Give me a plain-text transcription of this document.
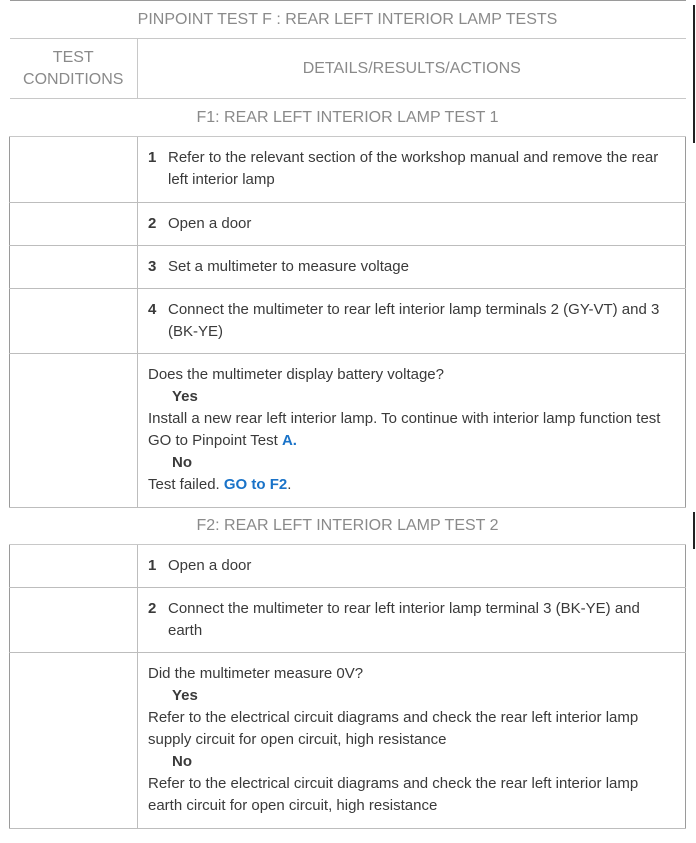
PINPOINT TEST F : REAR LEFT INTERIOR LAMP TESTS	
TEST CONDITIONS	DETAILS/RESULTS/ACTIONS
F1: REAR LEFT INTERIOR LAMP TEST 1	

	1 Refer to the relevant section of the workshop manual and remove the rear left interior lamp

	2 Open a door

	3 Set a multimeter to measure voltage

	4 Connect the multimeter to rear left interior lamp terminals 2 (GY-VT) and 3 (BK-YE)

	Does the multimeter display battery voltage?
Yes
Install a new rear left interior lamp. To continue with interior lamp function test GO to Pinpoint Test A.
No
Test failed. GO to F2.

F2: REAR LEFT INTERIOR LAMP TEST 2	

	1 Open a door

	2 Connect the multimeter to rear left interior lamp terminal 3 (BK-YE) and earth

	Did the multimeter measure 0V?
Yes
Refer to the electrical circuit diagrams and check the rear left interior lamp supply circuit for open circuit, high resistance
No
Refer to the electrical circuit diagrams and check the rear left interior lamp earth circuit for open circuit, high resistance
